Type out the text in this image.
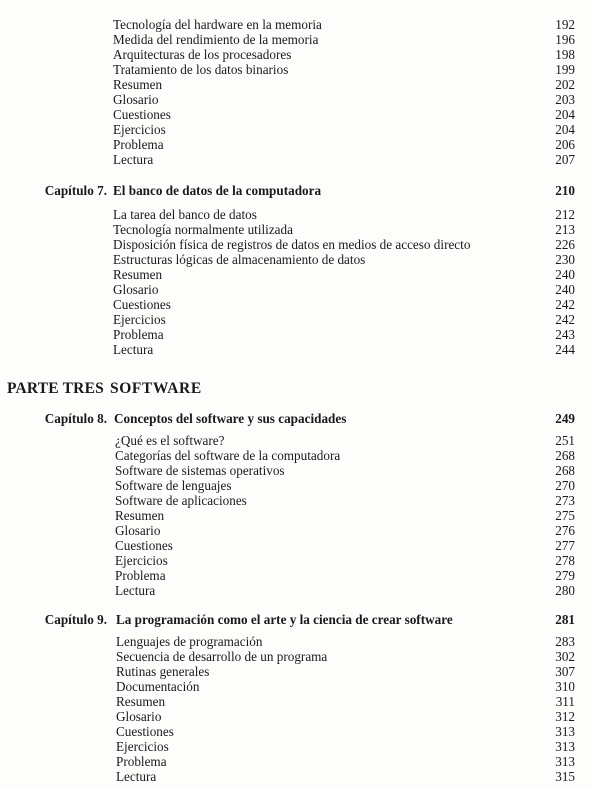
Tecnología del hardware en la memoria	192
Medida del rendimiento de la memoria	196
Arquitecturas de los procesadores	198
Tratamiento de los datos binarios	199
Resumen	202
Glosario	203
Cuestiones	204
Ejercicios	204
Problema	206
Lectura	207
Capítulo 7. El banco de datos de la computadora	210
La tarea del banco de datos	212
Tecnología normalmente utilizada	213
Disposición física de registros de datos en medios de acceso directo	226
Estructuras lógicas de almacenamiento de datos	230
Resumen	240
Glosario	240
Cuestiones	242
Ejercicios	242
Problema	243
Lectura	244
PARTE TRES SOFTWARE
Capítulo 8. Conceptos del software y sus capacidades	249
¿Qué es el software?	251
Categorías del software de la computadora	268
Software de sistemas operativos	268
Software de lenguajes	270
Software de aplicaciones	273
Resumen	275
Glosario	276
Cuestiones	277
Ejercicios	278
Problema	279
Lectura	280
Capítulo 9. La programación como el arte y la ciencia de crear software	281
Lenguajes de programación	283
Secuencia de desarrollo de un programa	302
Rutinas generales	307
Documentación	310
Resumen	311
Glosario	312
Cuestiones	313
Ejercicios	313
Problema	313
Lectura	315
